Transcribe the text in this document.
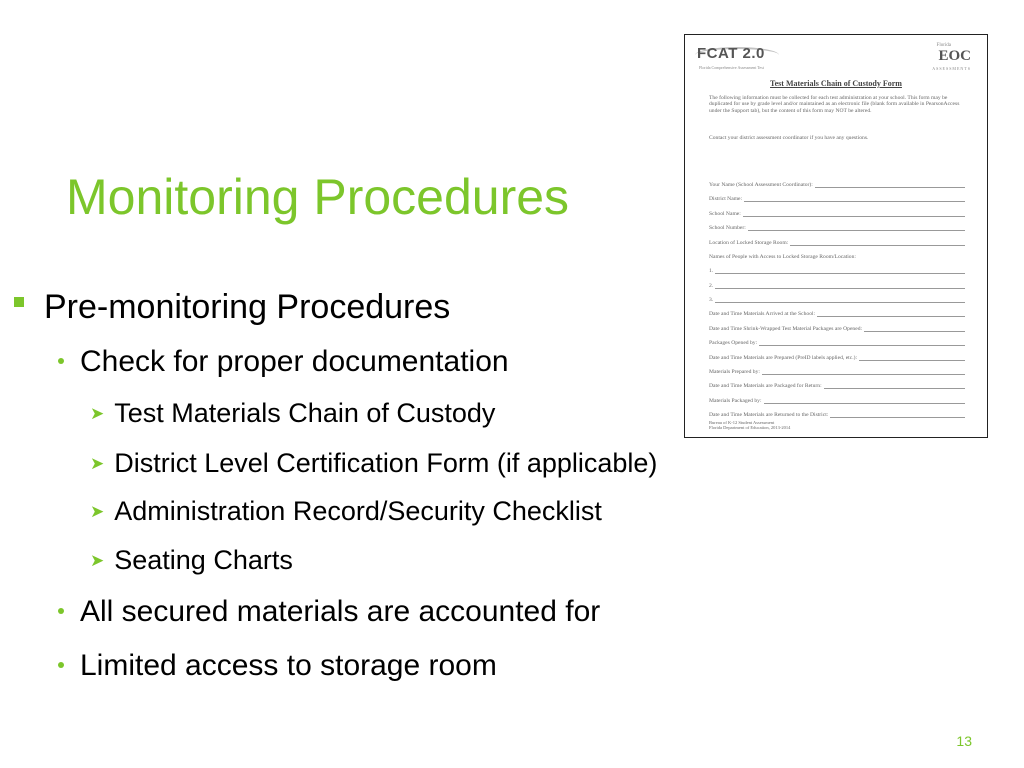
Monitoring Procedures
Pre-monitoring Procedures
Check for proper documentation
➤ Test Materials Chain of Custody
➤ District Level Certification Form (if applicable)
➤ Administration Record/Security Checklist
➤ Seating Charts
All secured materials are accounted for
Limited access to storage room
FCAT 2.0
Florida Comprehensive Assessment Test
Florida
EOC
ASSESSMENTS
Test Materials Chain of Custody Form
The following information must be collected for each test administration at your school. This form may be duplicated for use by grade level and/or maintained as an electronic file (blank form available in PearsonAccess under the Support tab), but the content of this form may NOT be altered.
Contact your district assessment coordinator if you have any questions.
Your Name (School Assessment Coordinator):
District Name:
School Name:
School Number:
Location of Locked Storage Room:
Names of People with Access to Locked Storage Room/Location:
1.
2.
3.
Date and Time Materials Arrived at the School:
Date and Time Shrink-Wrapped Test Material Packages are Opened:
Packages Opened by:
Date and Time Materials are Prepared (PreID labels applied, etc.):
Materials Prepared by:
Date and Time Materials are Packaged for Return:
Materials Packaged by:
Date and Time Materials are Returned to the District:
Bureau of K-12 Student Assessment
Florida Department of Education, 2013-2014
13
